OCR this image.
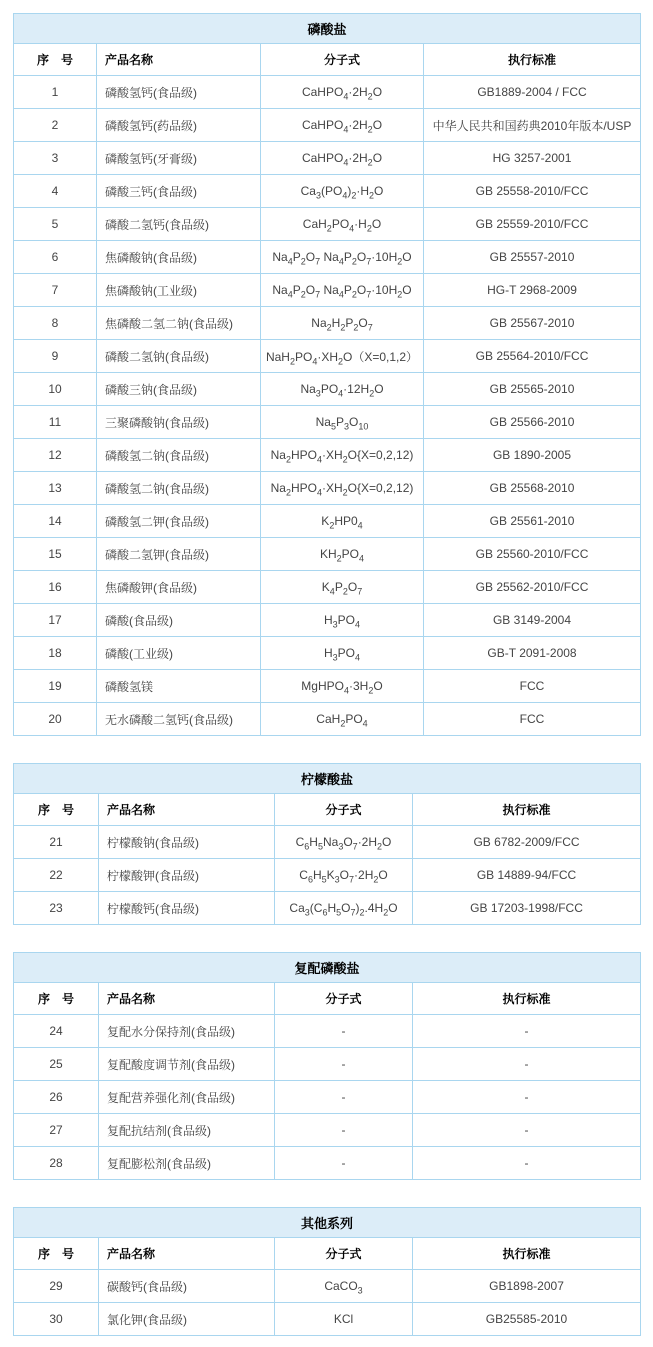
磷酸盐			
序　号	产品名称	分子式	执行标准
1	磷酸氢钙(食品级)	$CaHPO_4\cdot 2H_2O$	GB1889-2004 / FCC
2	磷酸氢钙(药品级)	$CaHPO_4\cdot 2H_2O$	中华人民共和国药典2010年版本/USP
3	磷酸氢钙(牙膏级)	$CaHPO_4\cdot 2H_2O$	HG 3257-2001
4	磷酸三钙(食品级)	$Ca_3(PO_4)_2\cdot H_2O$	GB 25558-2010/FCC
5	磷酸二氢钙(食品级)	$CaH_2PO_4\cdot H_2O$	GB 25559-2010/FCC
6	焦磷酸钠(食品级)	$Na_4P_2O_7$ $Na_4P_2O_7\cdot 10H_2O$	GB 25557-2010
7	焦磷酸钠(工业级)	$Na_4P_2O_7$ $Na_4P_2O_7\cdot 10H_2O$	HG-T 2968-2009
8	焦磷酸二氢二钠(食品级)	$Na_2H_2P_2O_7$	GB 25567-2010
9	磷酸二氢钠(食品级)	$NaH_2PO_4\cdot XH_2O(X=0,1,2)$	GB 25564-2010/FCC
10	磷酸三钠(食品级)	$Na_3PO_4\cdot 12H_2O$	GB 25565-2010
11	三聚磷酸钠(食品级)	$Na_5P_3O_{10}$	GB 25566-2010
12	磷酸氢二钠(食品级)	$Na_2HPO_4\cdot XH_2O\{X=0,2,12)$	GB 1890-2005
13	磷酸氢二钠(食品级)	$Na_2HPO_4\cdot XH_2O\{X=0,2,12)$	GB 25568-2010
14	磷酸氢二钾(食品级)	$K_2HP0_4$	GB 25561-2010
15	磷酸二氢钾(食品级)	$KH_2PO_4$	GB 25560-2010/FCC
16	焦磷酸钾(食品级)	$K_4P_2O_7$	GB 25562-2010/FCC
17	磷酸(食品级)	$H_3PO_4$	GB 3149-2004
18	磷酸(工业级)	$H_3PO_4$	GB-T 2091-2008
19	磷酸氢镁	$MgHPO_4\cdot 3H_2O$	FCC
20	无水磷酸二氢钙(食品级)	$CaH_2PO_4$	FCC
柠檬酸盐			
序　号	产品名称	分子式	执行标准
21	柠檬酸钠(食品级)	$C_6H_5Na_3O_7\cdot 2H_2O$	GB 6782-2009/FCC
22	柠檬酸钾(食品级)	$C_6H_5K_3O_7\cdot 2H_2O$	GB 14889-94/FCC
23	柠檬酸钙(食品级)	$Ca_3(C_6H_5O_7)_2.4H_2O$	GB 17203-1998/FCC
复配磷酸盐			
序　号	产品名称	分子式	执行标准
24	复配水分保持剂(食品级)	-	-
25	复配酸度调节剂(食品级)	-	-
26	复配营养强化剂(食品级)	-	-
27	复配抗结剂(食品级)	-	-
28	复配膨松剂(食品级)	-	-
其他系列			
序　号	产品名称	分子式	执行标准
29	碳酸钙(食品级)	CaCO$_3$	GB1898-2007
30	氯化钾(食品级)	KCl	GB25585-2010
